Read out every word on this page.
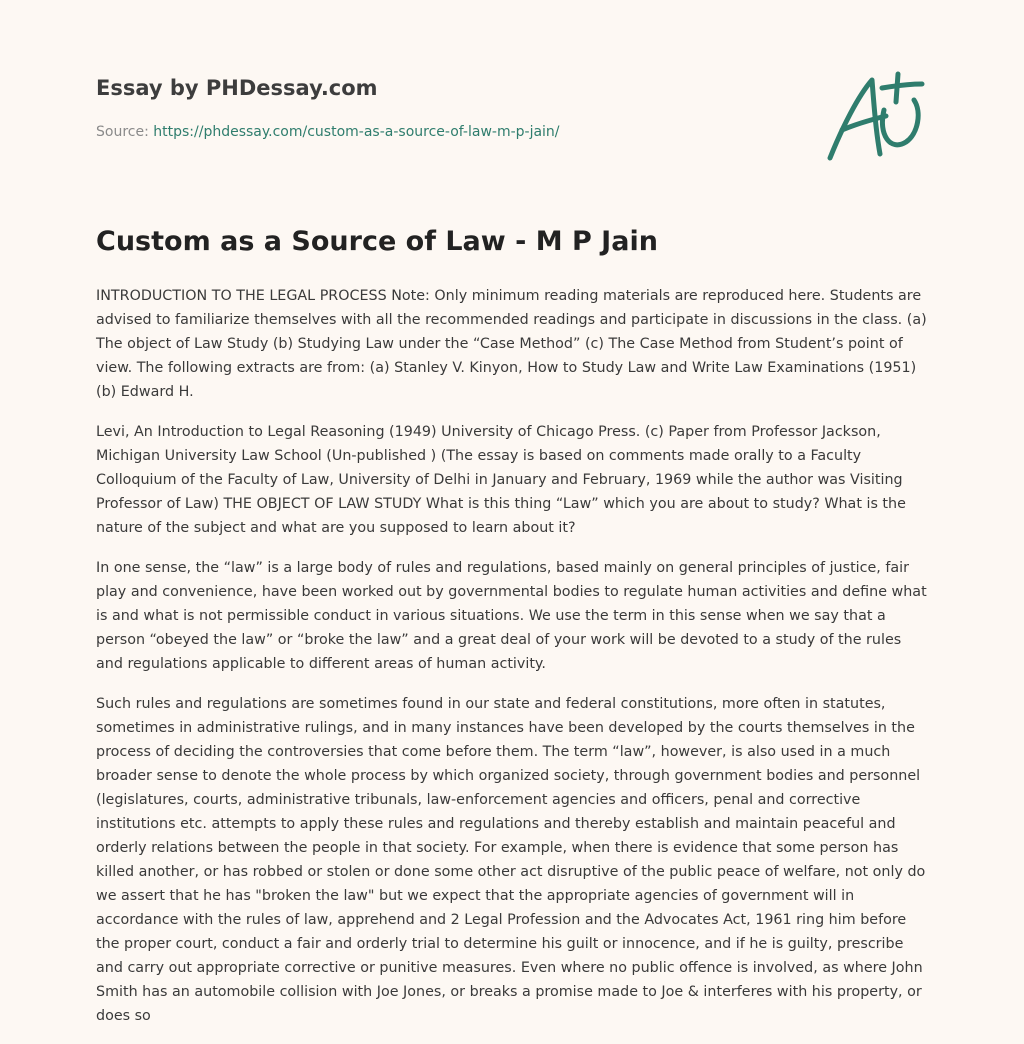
Essay by PHDessay.com
Source: https://phdessay.com/custom-as-a-source-of-law-m-p-jain/
Custom as a Source of Law - M P Jain

INTRODUCTION TO THE LEGAL PROCESS Note: Only minimum reading materials are reproduced here. Students are advised to familiarize themselves with all the recommended readings and participate in discussions in the class. (a) The object of Law Study (b) Studying Law under the “Case Method” (c) The Case Method from Student’s point of view. The following extracts are from: (a) Stanley V. Kinyon, How to Study Law and Write Law Examinations (1951) (b) Edward H.

Levi, An Introduction to Legal Reasoning (1949) University of Chicago Press. (c) Paper from Professor Jackson, Michigan University Law School (Un-published ) (The essay is based on comments made orally to a Faculty Colloquium of the Faculty of Law, University of Delhi in January and February, 1969 while the author was Visiting Professor of Law) THE OBJECT OF LAW STUDY What is this thing “Law” which you are about to study? What is the nature of the subject and what are you supposed to learn about it?

In one sense, the “law” is a large body of rules and regulations, based mainly on general principles of justice, fair play and convenience, have been worked out by governmental bodies to regulate human activities and define what is and what is not permissible conduct in various situations. We use the term in this sense when we say that a person “obeyed the law” or “broke the law” and a great deal of your work will be devoted to a study of the rules and regulations applicable to different areas of human activity.

Such rules and regulations are sometimes found in our state and federal constitutions, more often in statutes, sometimes in administrative rulings, and in many instances have been developed by the courts themselves in the process of deciding the controversies that come before them. The term “law”, however, is also used in a much broader sense to denote the whole process by which organized society, through government bodies and personnel (legislatures, courts, administrative tribunals, law-enforcement agencies and officers, penal and corrective institutions etc. attempts to apply these rules and regulations and thereby establish and maintain peaceful and orderly relations between the people in that society. For example, when there is evidence that some person has killed another, or has robbed or stolen or done some other act disruptive of the public peace of welfare, not only do we assert that he has "broken the law" but we expect that the appropriate agencies of government will in accordance with the rules of law, apprehend and 2 Legal Profession and the Advocates Act, 1961 ring him before the proper court, conduct a fair and orderly trial to determine his guilt or innocence, and if he is guilty, prescribe and carry out appropriate corrective or punitive measures. Even where no public offence is involved, as where John Smith has an automobile collision with Joe Jones, or breaks a promise made to Joe & interferes with his property, or does so
